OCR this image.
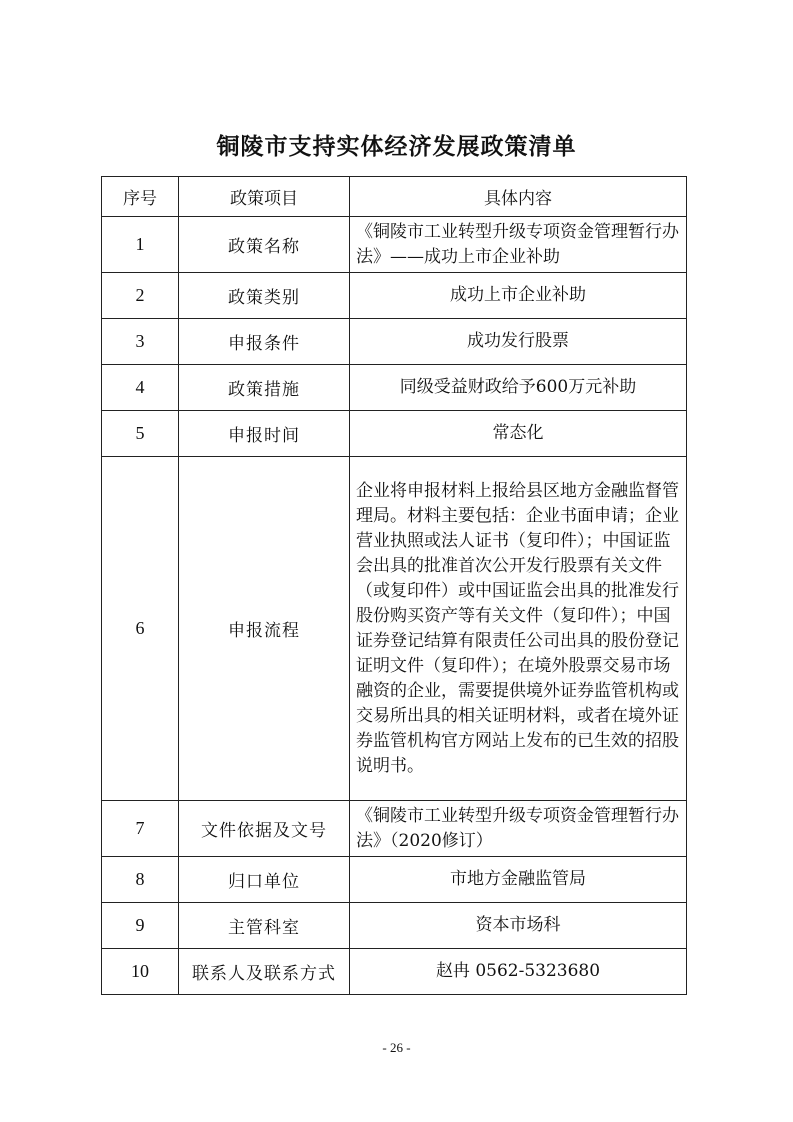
铜陵市支持实体经济发展政策清单
序号	政策项目	具体内容
1	政策名称	《铜陵市工业转型升级专项资金管理暂行办法》——成功上市企业补助
2	政策类别	成功上市企业补助
3	申报条件	成功发行股票
4	政策措施	同级受益财政给予600万元补助
5	申报时间	常态化
6	申报流程	企业将申报材料上报给县区地方金融监督管理局。材料主要包括：企业书面申请；企业营业执照或法人证书（复印件）；中国证监会出具的批准首次公开发行股票有关文件（或复印件）或中国证监会出具的批准发行股份购买资产等有关文件（复印件）；中国证券登记结算有限责任公司出具的股份登记证明文件（复印件）；在境外股票交易市场融资的企业，需要提供境外证券监管机构或交易所出具的相关证明材料，或者在境外证券监管机构官方网站上发布的已生效的招股说明书。
7	文件依据及文号	《铜陵市工业转型升级专项资金管理暂行办法》（2020修订）
8	归口单位	市地方金融监管局
9	主管科室	资本市场科
10	联系人及联系方式	赵冉 0562-5323680
- 26 -
